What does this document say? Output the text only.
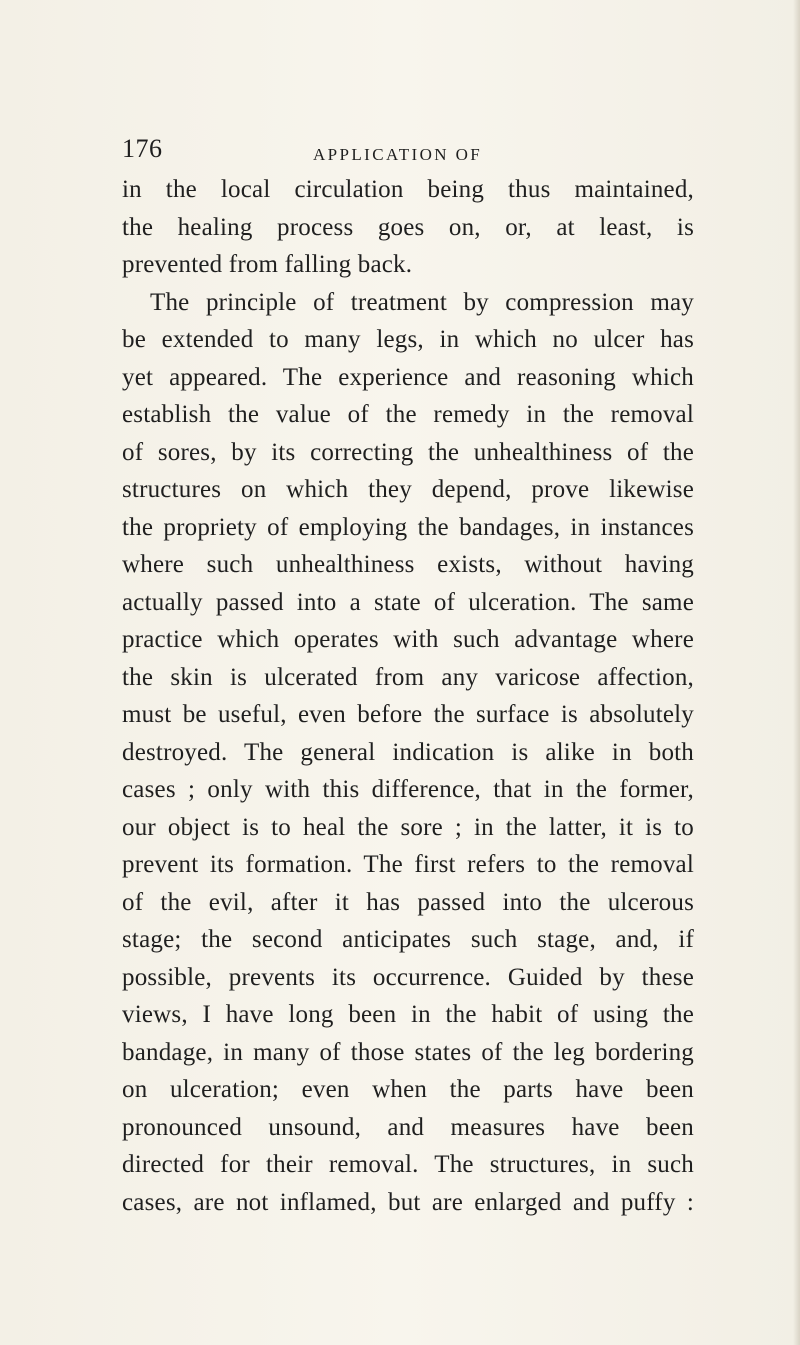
176	APPLICATION OF
in the local circulation being thus maintained,
the healing process goes on, or, at least, is
prevented from falling back.
The principle of treatment by compression may
be extended to many legs, in which no ulcer has
yet appeared. The experience and reasoning which
establish the value of the remedy in the removal
of sores, by its correcting the unhealthiness of the
structures on which they depend, prove likewise
the propriety of employing the bandages, in instances
where such unhealthiness exists, without having
actually passed into a state of ulceration. The same
practice which operates with such advantage where
the skin is ulcerated from any varicose affection,
must be useful, even before the surface is absolutely
destroyed. The general indication is alike in both
cases ; only with this difference, that in the former,
our object is to heal the sore ; in the latter, it is to
prevent its formation. The first refers to the removal
of the evil, after it has passed into the ulcerous
stage; the second anticipates such stage, and, if
possible, prevents its occurrence. Guided by these
views, I have long been in the habit of using the
bandage, in many of those states of the leg bordering
on ulceration; even when the parts have been
pronounced unsound, and measures have been
directed for their removal. The structures, in such
cases, are not inflamed, but are enlarged and puffy :
